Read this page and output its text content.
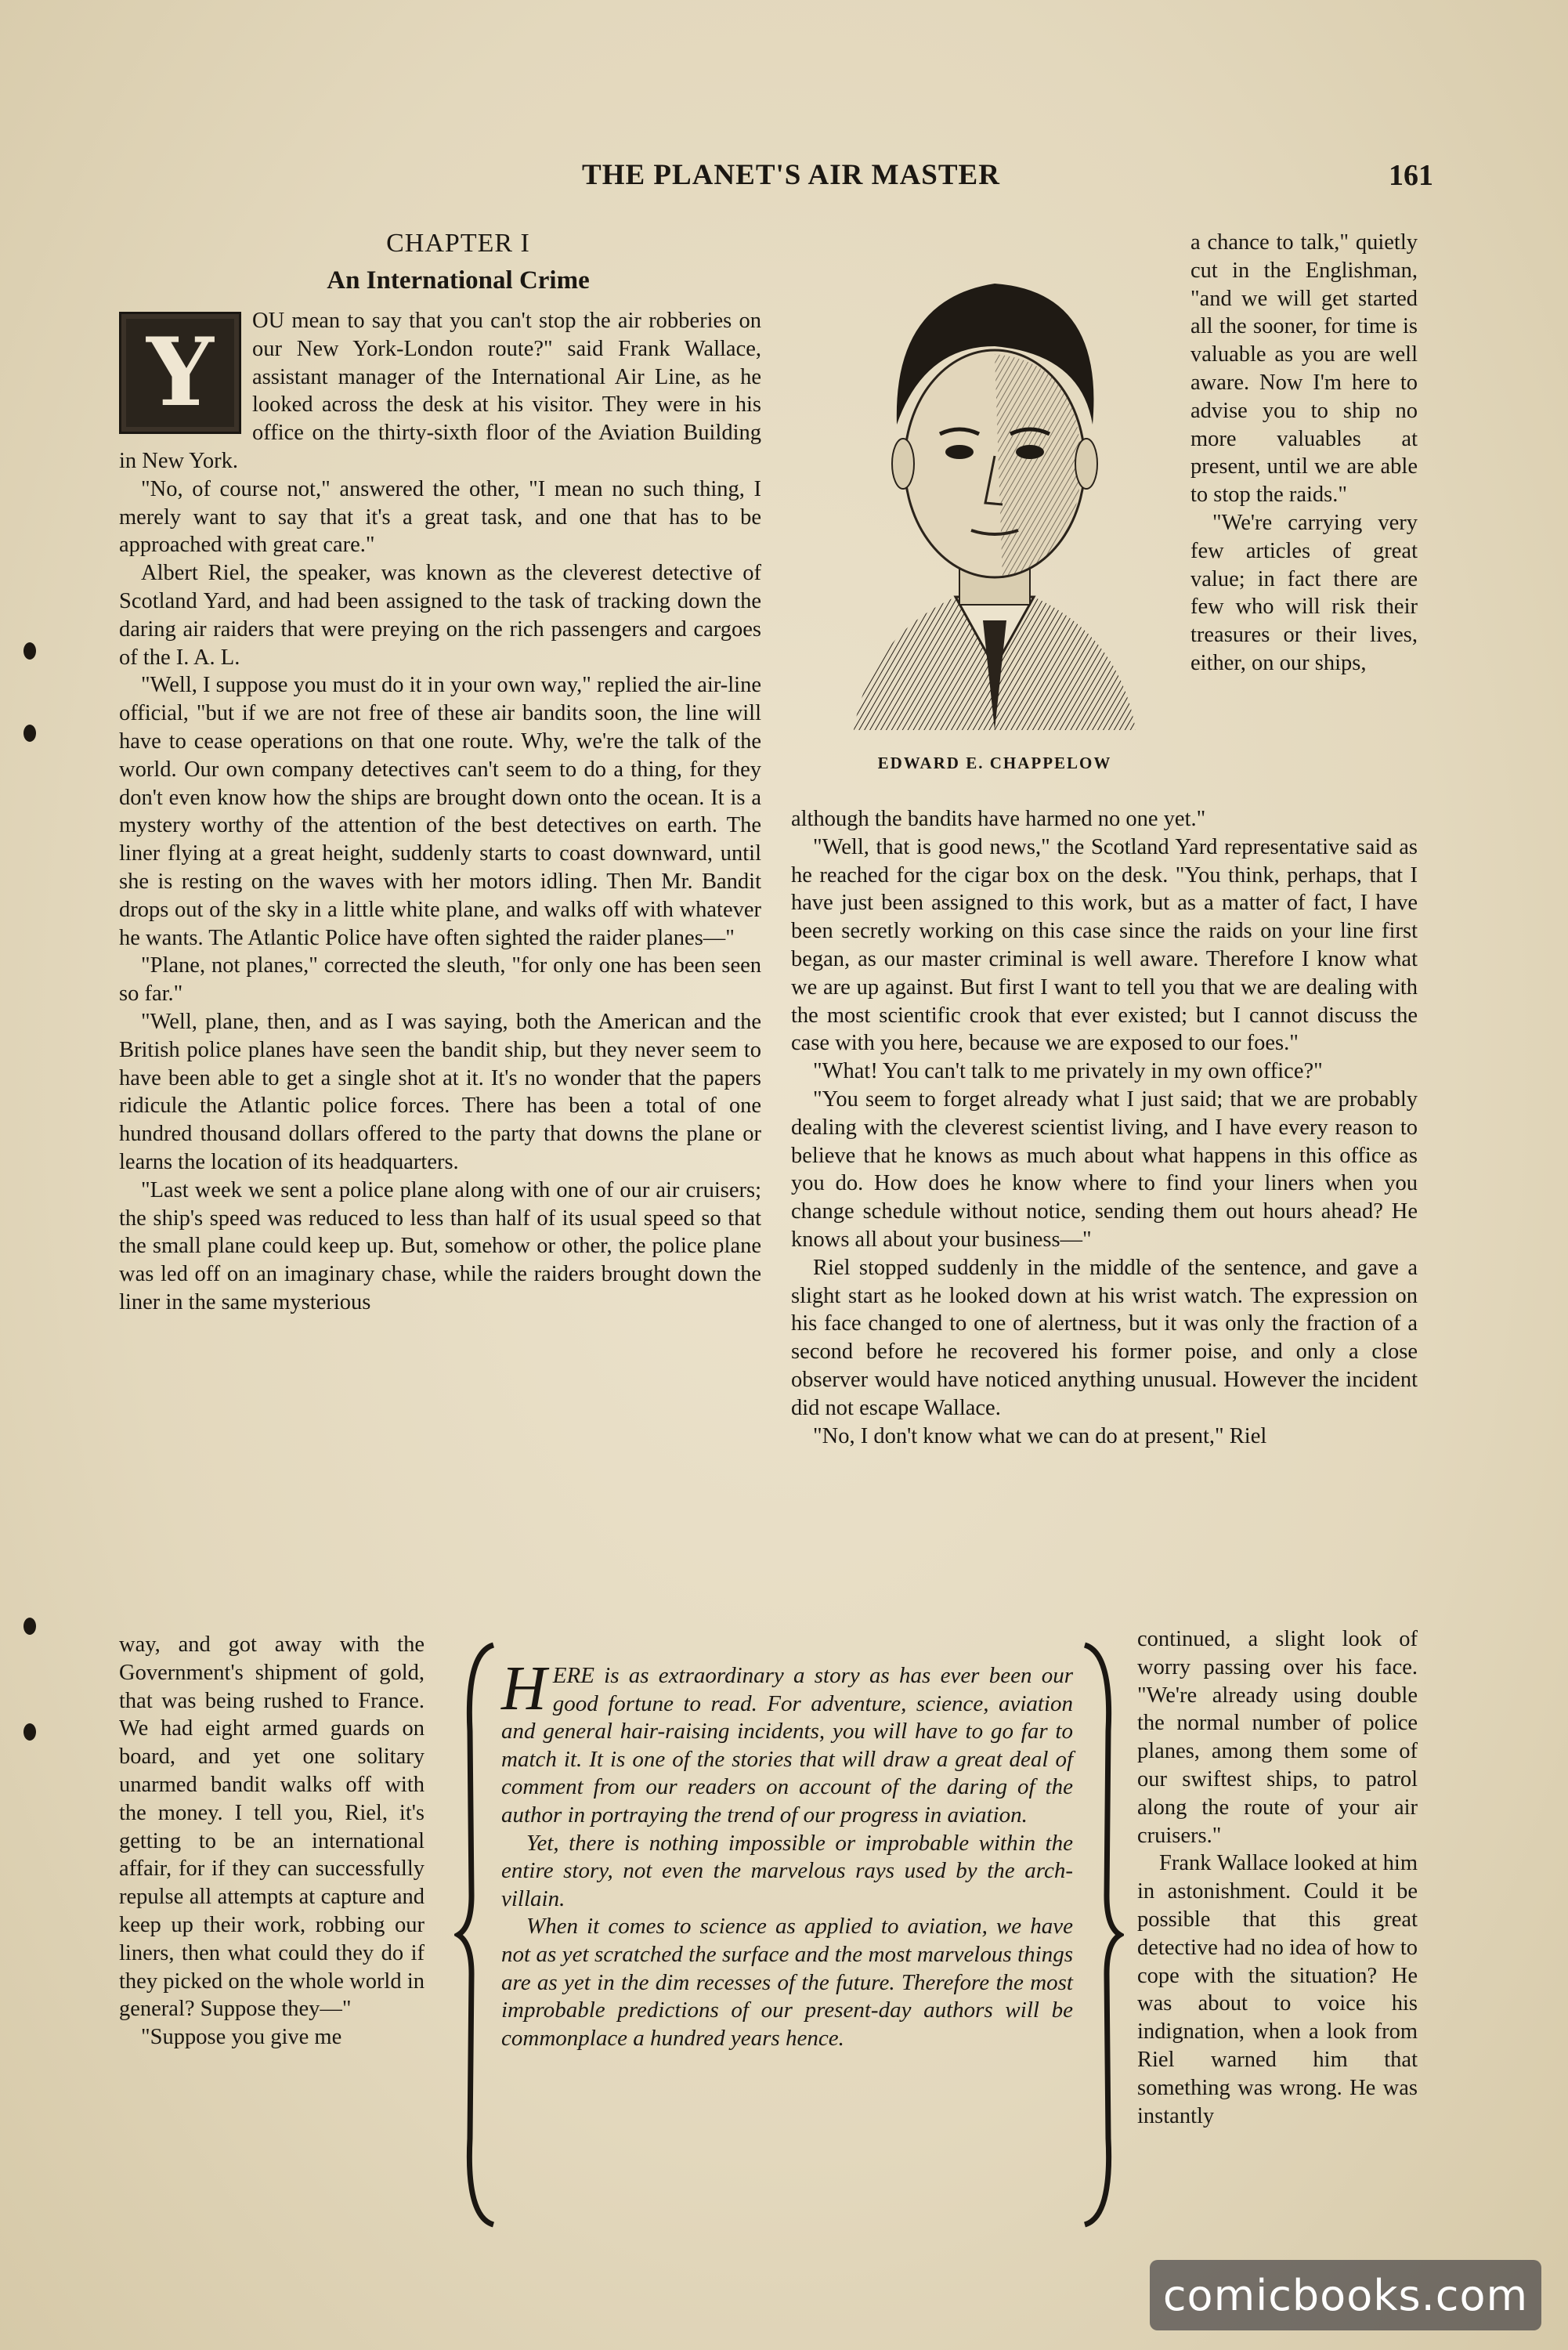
THE PLANET'S AIR MASTER	161
CHAPTER I
An International Crime
Y	OU mean to say that you can't stop the air robberies on our New York-London route?" said Frank Wallace, assistant manager of the International Air Line, as he looked across the desk at his visitor. They were in his office on the thirty-sixth floor of the Aviation Building in New York.

"No, of course not," answered the other, "I mean no such thing, I merely want to say that it's a great task, and one that has to be approached with great care."

Albert Riel, the speaker, was known as the cleverest detective of Scotland Yard, and had been assigned to the task of tracking down the daring air raiders that were preying on the rich passengers and cargoes of the I. A. L.

"Well, I suppose you must do it in your own way," replied the air-line official, "but if we are not free of these air bandits soon, the line will have to cease operations on that one route. Why, we're the talk of the world. Our own company detectives can't seem to do a thing, for they don't even know how the ships are brought down onto the ocean. It is a mystery worthy of the attention of the best detectives on earth. The liner flying at a great height, suddenly starts to coast downward, until she is resting on the waves with her motors idling. Then Mr. Bandit drops out of the sky in a little white plane, and walks off with whatever he wants. The Atlantic Police have often sighted the raider planes—"

"Plane, not planes," corrected the sleuth, "for only one has been seen so far."

"Well, plane, then, and as I was saying, both the American and the British police planes have seen the bandit ship, but they never seem to have been able to get a single shot at it. It's no wonder that the papers ridicule the Atlantic police forces. There has been a total of one hundred thousand dollars offered to the party that downs the plane or learns the location of its headquarters.

"Last week we sent a police plane along with one of our air cruisers; the ship's speed was reduced to less than half of its usual speed so that the small plane could keep up. But, somehow or other, the police plane was led off on an imaginary chase, while the raiders brought down the liner in the same mysterious

EDWARD E. CHAPPELOW

a chance to talk," quietly cut in the Englishman, "and we will get started all the sooner, for time is valuable as you are well aware. Now I'm here to advise you to ship no more valuables at present, until we are able to stop the raids."

"We're carrying very few articles of great value; in fact there are few who will risk their treasures or their lives, either, on our ships,

although the bandits have harmed no one yet."

"Well, that is good news," the Scotland Yard representative said as he reached for the cigar box on the desk. "You think, perhaps, that I have just been assigned to this work, but as a matter of fact, I have been secretly working on this case since the raids on your line first began, as our master criminal is well aware. Therefore I know what we are up against. But first I want to tell you that we are dealing with the most scientific crook that ever existed; but I cannot discuss the case with you here, because we are exposed to our foes."

"What! You can't talk to me privately in my own office?"

"You seem to forget already what I just said; that we are probably dealing with the cleverest scientist living, and I have every reason to believe that he knows as much about what happens in this office as you do. How does he know where to find your liners when you change schedule without notice, sending them out hours ahead? He knows all about your business—"

Riel stopped suddenly in the middle of the sentence, and gave a slight start as he looked down at his wrist watch. The expression on his face changed to one of alertness, but it was only the fraction of a second before he recovered his former poise, and only a close observer would have noticed anything unusual. However the incident did not escape Wallace.

"No, I don't know what we can do at present," Riel

way, and got away with the Government's shipment of gold, that was being rushed to France. We had eight armed guards on board, and yet one solitary unarmed bandit walks off with the money. I tell you, Riel, it's getting to be an international affair, for if they can successfully repulse all attempts at capture and keep up their work, robbing our liners, then what could they do if they picked on the whole world in general? Suppose they—"

"Suppose you give me

HERE is as extraordinary a story as has ever been our good fortune to read. For adventure, science, aviation and general hair-raising incidents, you will have to go far to match it. It is one of the stories that will draw a great deal of comment from our readers on account of the daring of the author in portraying the trend of our progress in aviation.

Yet, there is nothing impossible or improbable within the entire story, not even the marvelous rays used by the arch-villain.

When it comes to science as applied to aviation, we have not as yet scratched the surface and the most marvelous things are as yet in the dim recesses of the future. Therefore the most improbable predictions of our present-day authors will be commonplace a hundred years hence.

continued, a slight look of worry passing over his face. "We're already using double the normal number of police planes, among them some of our swiftest ships, to patrol along the route of your air cruisers."

Frank Wallace looked at him in astonishment. Could it be possible that this great detective had no idea of how to cope with the situation? He was about to voice his indignation, when a look from Riel warned him that something was wrong. He was instantly

comicbooks.com
